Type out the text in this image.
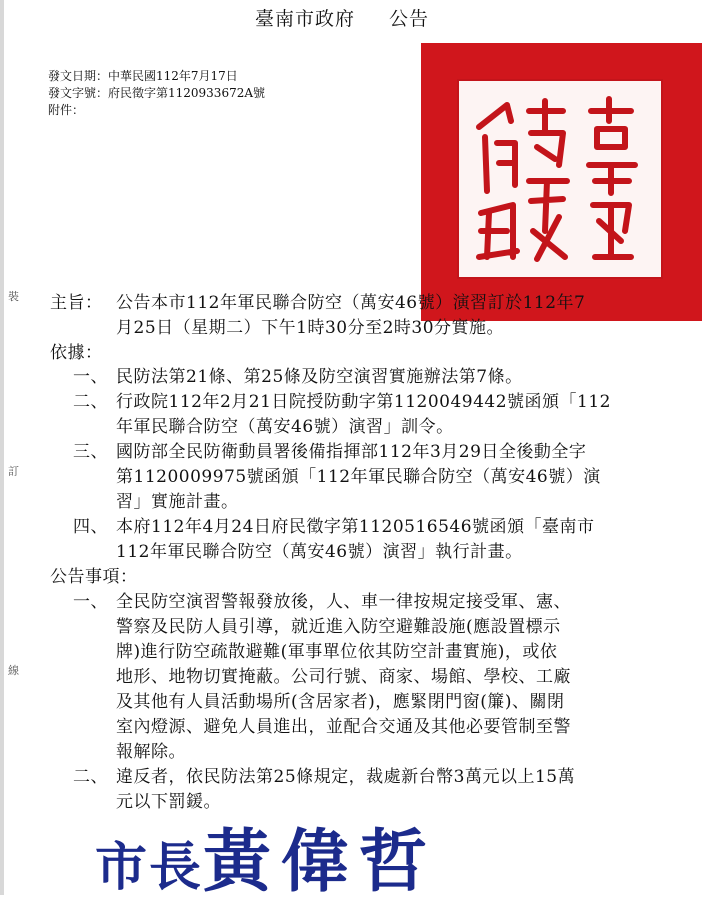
裝
訂
線
臺南市政府 公告
發文日期：中華民國112年7月17日
發文字號：府民徵字第1120933672A號
附件：
主旨： 公告本市112年軍民聯合防空（萬安46號）演習訂於112年7
月25日（星期二）下午1時30分至2時30分實施。
依據：
一、 民防法第21條、第25條及防空演習實施辦法第7條。
二、 行政院112年2月21日院授防動字第1120049442號函頒「112
年軍民聯合防空（萬安46號）演習」訓令。
三、 國防部全民防衛動員署後備指揮部112年3月29日全後動全字
第1120009975號函頒「112年軍民聯合防空（萬安46號）演
習」實施計畫。
四、 本府112年4月24日府民徵字第1120516546號函頒「臺南市
112年軍民聯合防空（萬安46號）演習」執行計畫。
公告事項：
一、 全民防空演習警報發放後，人、車一律按規定接受軍、憲、
警察及民防人員引導，就近進入防空避難設施(應設置標示
牌)進行防空疏散避難(軍事單位依其防空計畫實施)，或依
地形、地物切實掩蔽。公司行號、商家、場館、學校、工廠
及其他有人員活動場所(含居家者)，應緊閉門窗(簾)、關閉
室內燈源、避免人員進出，並配合交通及其他必要管制至警
報解除。
二、 違反者，依民防法第25條規定，裁處新台幣3萬元以上15萬
元以下罰鍰。
市長黃偉哲
